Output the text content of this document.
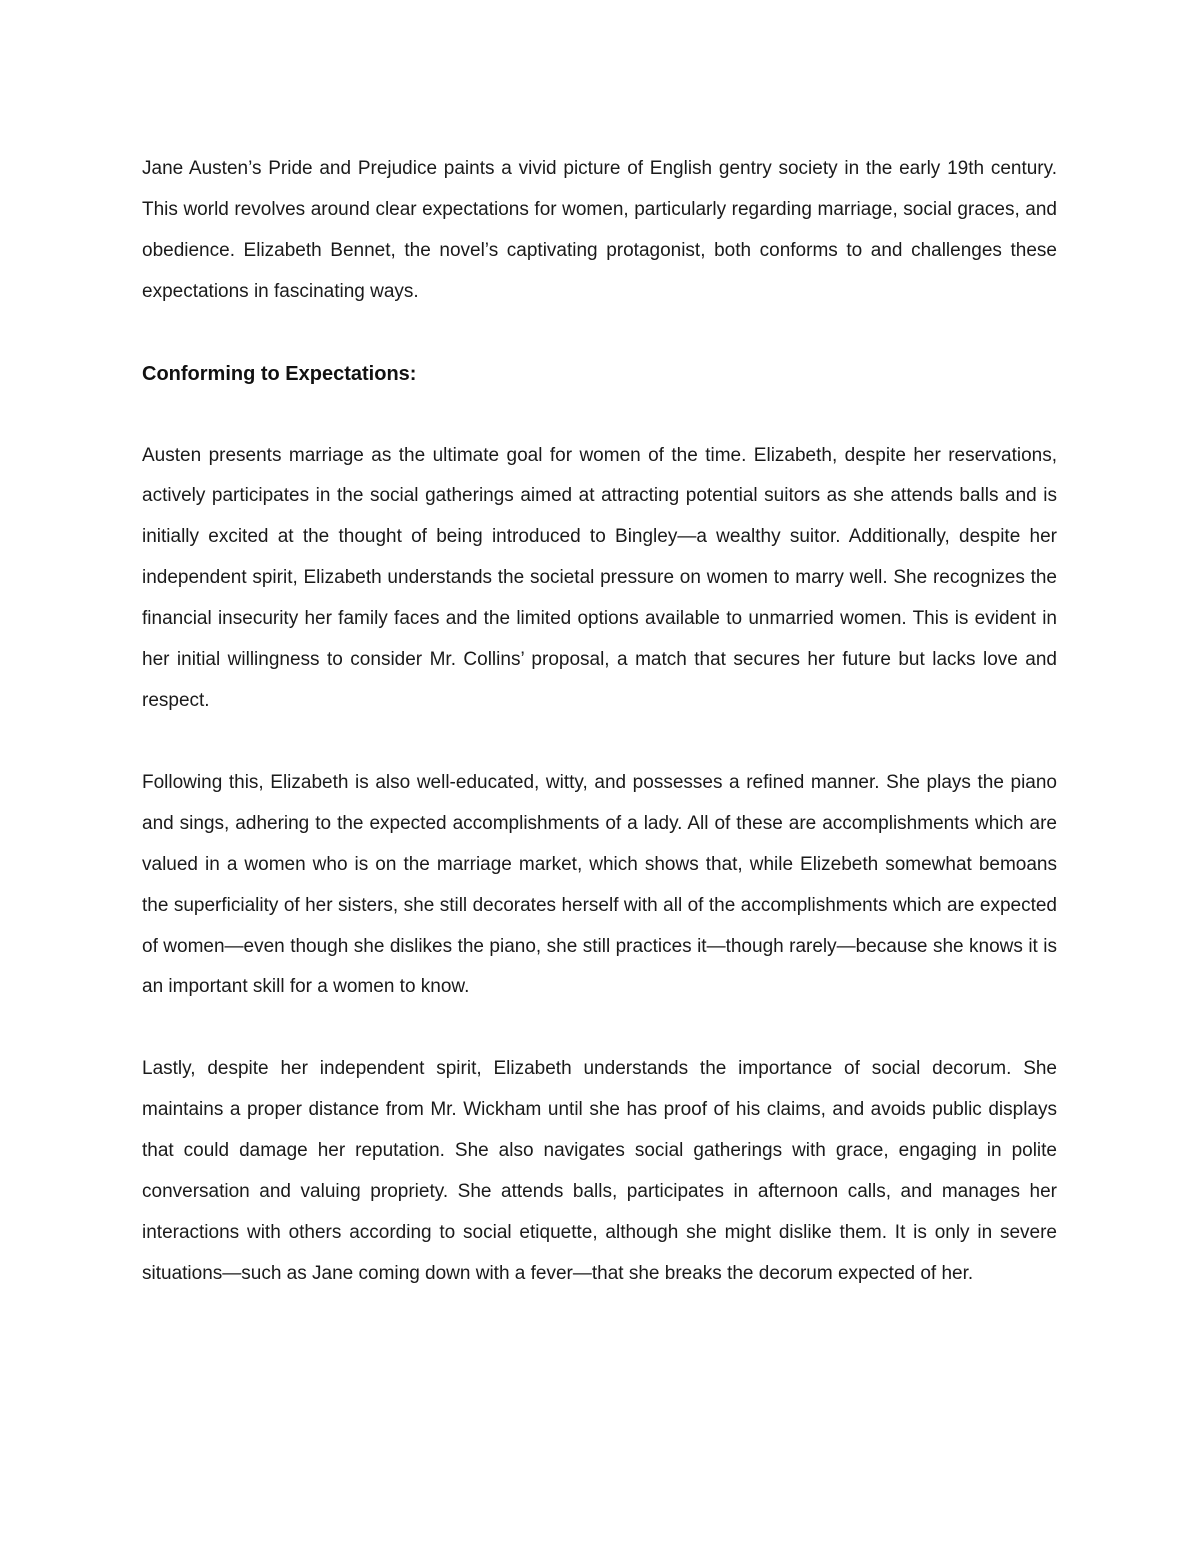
Jane Austen’s Pride and Prejudice paints a vivid picture of English gentry society in the early 19th century. This world revolves around clear expectations for women, particularly regarding marriage, social graces, and obedience. Elizabeth Bennet, the novel’s captivating protagonist, both conforms to and challenges these expectations in fascinating ways.

Conforming to Expectations:

Austen presents marriage as the ultimate goal for women of the time. Elizabeth, despite her reservations, actively participates in the social gatherings aimed at attracting potential suitors as she attends balls and is initially excited at the thought of being introduced to Bingley—a wealthy suitor. Additionally, despite her independent spirit, Elizabeth understands the societal pressure on women to marry well. She recognizes the financial insecurity her family faces and the limited options available to unmarried women. This is evident in her initial willingness to consider Mr. Collins’ proposal, a match that secures her future but lacks love and respect.

Following this, Elizabeth is also well-educated, witty, and possesses a refined manner. She plays the piano and sings, adhering to the expected accomplishments of a lady. All of these are accomplishments which are valued in a women who is on the marriage market, which shows that, while Elizebeth somewhat bemoans the superficiality of her sisters, she still decorates herself with all of the accomplishments which are expected of women—even though she dislikes the piano, she still practices it—though rarely—because she knows it is an important skill for a women to know.

Lastly, despite her independent spirit, Elizabeth understands the importance of social decorum. She maintains a proper distance from Mr. Wickham until she has proof of his claims, and avoids public displays that could damage her reputation. She also navigates social gatherings with grace, engaging in polite conversation and valuing propriety. She attends balls, participates in afternoon calls, and manages her interactions with others according to social etiquette, although she might dislike them. It is only in severe situations—such as Jane coming down with a fever—that she breaks the decorum expected of her.
